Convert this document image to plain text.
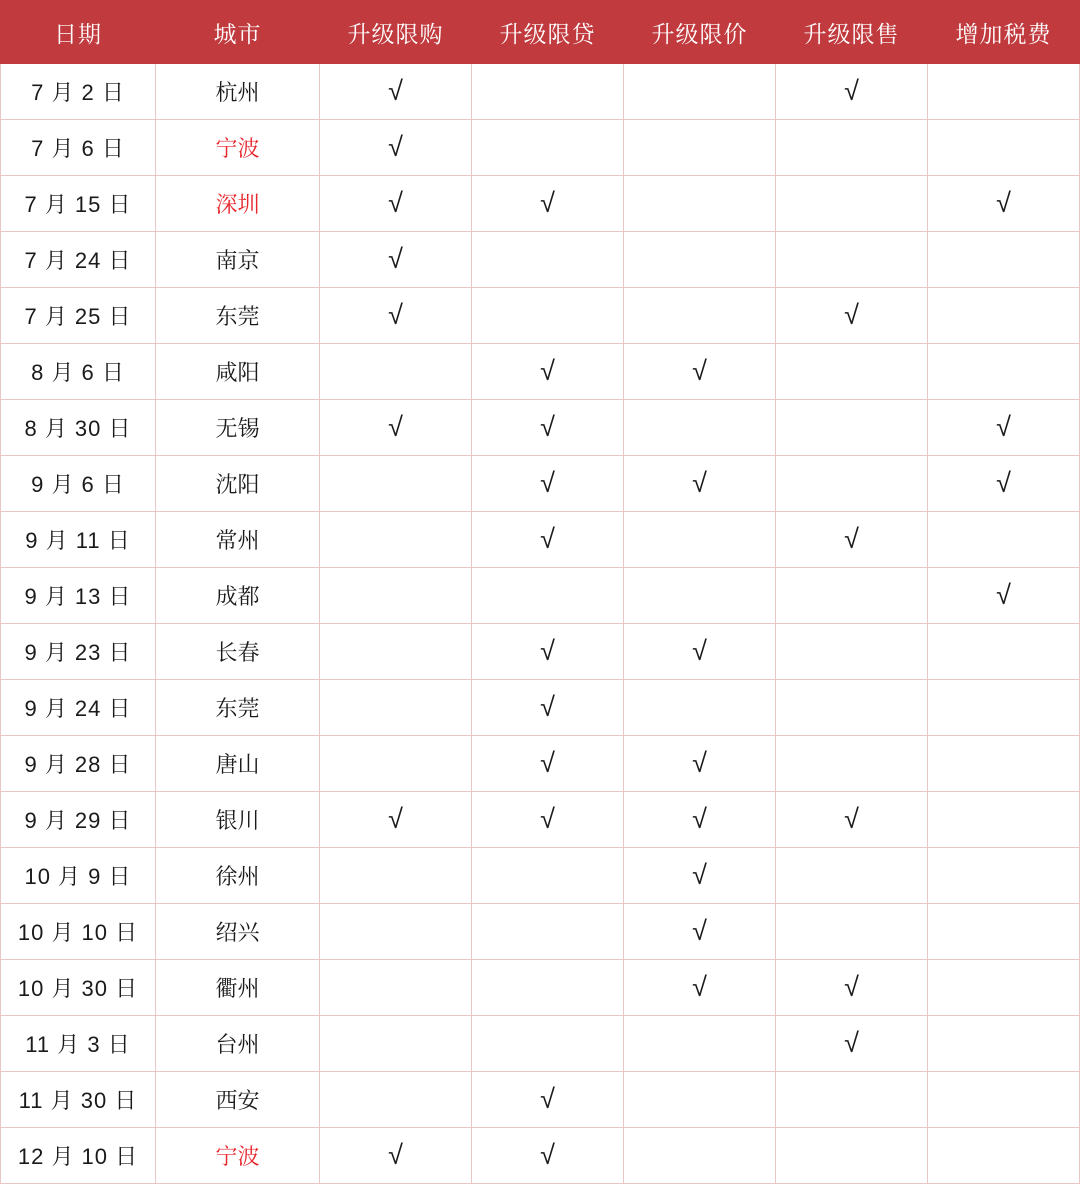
日期	城市	升级限购	升级限贷	升级限价	升级限售	增加税费
7 月 2 日	杭州	√			√	
7 月 6 日	宁波	√				
7 月 15 日	深圳	√	√			√
7 月 24 日	南京	√				
7 月 25 日	东莞	√			√	
8 月 6 日	咸阳		√	√		
8 月 30 日	无锡	√	√			√
9 月 6 日	沈阳		√	√		√
9 月 11 日	常州		√		√	
9 月 13 日	成都					√
9 月 23 日	长春		√	√		
9 月 24 日	东莞		√			
9 月 28 日	唐山		√	√		
9 月 29 日	银川	√	√	√	√	
10 月 9 日	徐州			√		
10 月 10 日	绍兴			√		
10 月 30 日	衢州			√	√	
11 月 3 日	台州				√	
11 月 30 日	西安		√			
12 月 10 日	宁波	√	√			
